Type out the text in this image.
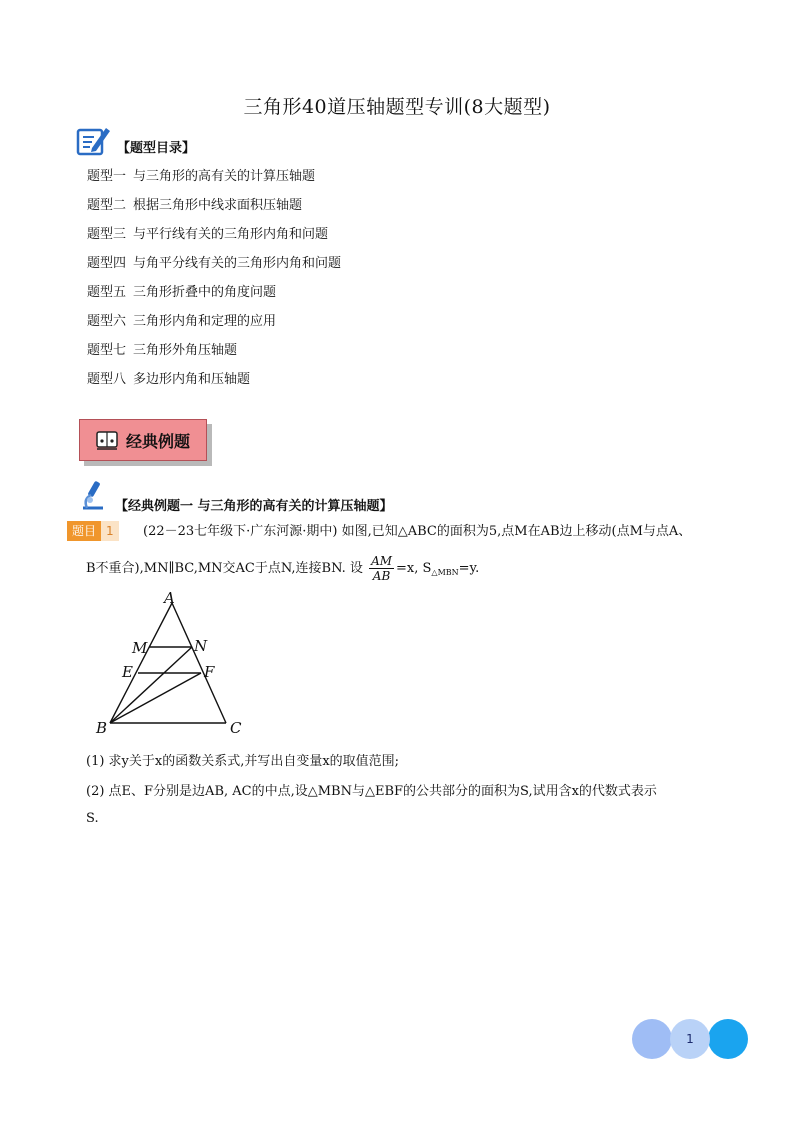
三角形40道压轴题型专训(8大题型)
【题型目录】
题型一 与三角形的高有关的计算压轴题
题型二 根据三角形中线求面积压轴题
题型三 与平行线有关的三角形内角和问题
题型四 与角平分线有关的三角形内角和问题
题型五 三角形折叠中的角度问题
题型六 三角形内角和定理的应用
题型七 三角形外角压轴题
题型八 多边形内角和压轴题
经典例题
【经典例题一 与三角形的高有关的计算压轴题】
题目 1	(22－23七年级下·广东河源·期中) 如图,已知△ABC的面积为5,点M在AB边上移动(点M与点A、
B不重合),MN∥BC,MN交AC于点N,连接BN. 设 $\frac{AM}{AB} =x$, $S_{\triangle MBN}=y$.
A
M	N
E	F
B	C
(1) 求y关于x的函数关系式,并写出自变量x的取值范围;
(2) 点E、F分别是边AB, AC的中点,设△MBN与△EBF的公共部分的面积为S,试用含x的代数式表示
S.
1
